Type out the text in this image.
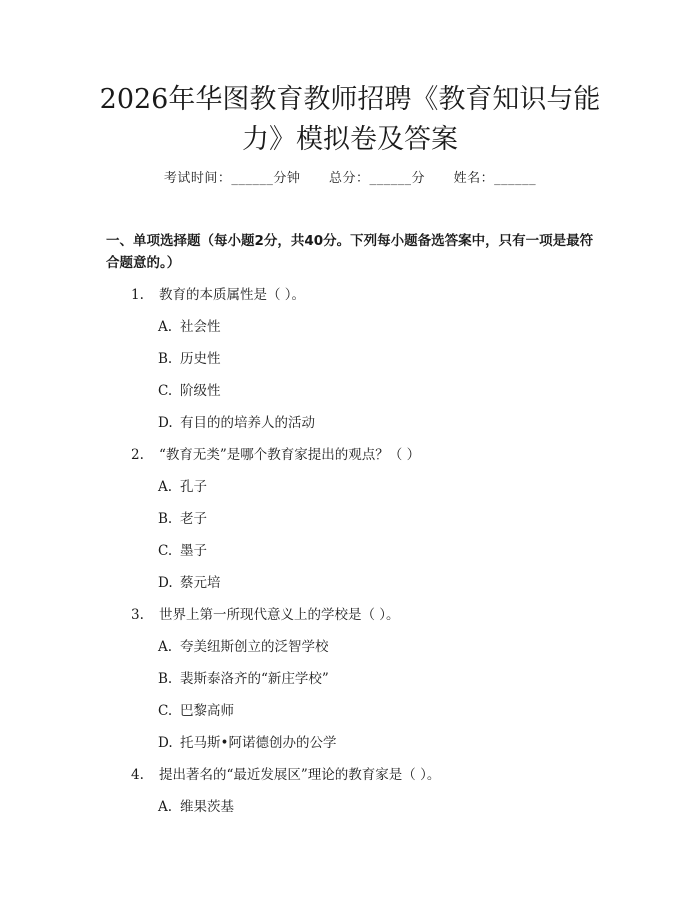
2026年华图教育教师招聘《教育知识与能力》模拟卷及答案
考试时间：______分钟 总分：______分 姓名：______

一、单项选择题（每小题2分，共40分。下列每小题备选答案中，只有一项是最符合题意的。）

1. 教育的本质属性是（ ）。
A. 社会性
B. 历史性
C. 阶级性
D. 有目的的培养人的活动
2. “教育无类”是哪个教育家提出的观点？（ ）
A. 孔子
B. 老子
C. 墨子
D. 蔡元培
3. 世界上第一所现代意义上的学校是（ ）。
A. 夸美纽斯创立的泛智学校
B. 裴斯泰洛齐的“新庄学校”
C. 巴黎高师
D. 托马斯•阿诺德创办的公学
4. 提出著名的“最近发展区”理论的教育家是（ ）。
A. 维果茨基
